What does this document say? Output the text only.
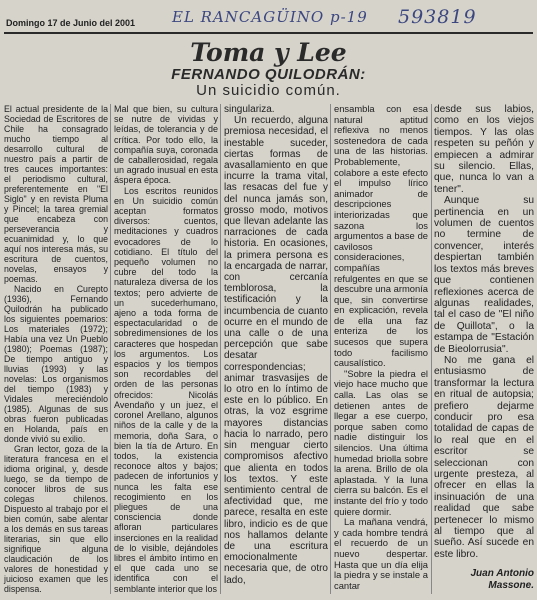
Domingo 17 de Junio del 2001 EL RANCAGÜINO p-19 593819
Toma y Lee
FERNANDO QUILODRÁN:
Un suicidio común.

El actual presidente de la Sociedad de Escritores de Chile ha consagrado mucho tiempo al desarrollo cultural de nuestro país a partir de tres cauces importantes: el periodismo cultural, preferentemente en "El Siglo" y en revista Pluma y Pincel; la tarea gremial que encabeza con perseverancia y ecuanimidad y, lo que aquí nos interesa más, su escritura de cuentos, novelas, ensayos y poemas.

Nacido en Curepto (1936), Fernando Quilodrán ha publicado los siguientes poemarios: Los materiales (1972); Había una vez Un Pueblo (1980); Poemas (1987); De tiempo antiguo y lluvias (1993) y las novelas: Los organismos del tiempo (1983) y Vidales mereciéndolo (1985). Algunas de sus obras fueron publicadas en Holanda, país en donde vivió su exilio.

Gran lector, goza de la literatura francesa en el idioma original, y, desde luego, se da tiempo de conocer libros de sus colegas chilenos. Dispuesto al trabajo por el bien común, sabe alentar a los demás en sus tareas literarias, sin que ello signifique alguna claudicación de los valores de honestidad y juicioso examen que les dispensa.

Mal que bien, su cultura se nutre de vividas y leídas, de tolerancia y de crítica. Por todo ello, la compañía suya, coronada de caballerosidad, regala un agrado inusual en esta áspera época.

Los escritos reunidos en Un suicidio común aceptan formatos diversos: cuentos, meditaciones y cuadros evocadores de lo cotidiano. El título del pequeño volumen no cubre del todo la naturaleza diversa de los textos; pero advierte de un sucederhumano, ajeno a toda forma de espectacularidad o de sobredimensiones de los caracteres que hospedan los argumentos. Los espacios y los tiempos son recordables del orden de las personas ofrecidos: Nicolás Avendaño y un juez, el coronel Arellano, algunos niños de la calle y de la memoria, doña Sara, o bien la tía de Arturo. En todos, la existencia reconoce altos y bajos; padecen de infortunios y nunca les falta ese recogimiento en los pliegues de una consciencia donde afloran particulares inserciones en la realidad de lo visible, dejándoles libres el ámbito íntimo en el que cada uno se identifica con el semblante interior que los

singulariza.

Un recuerdo, alguna premiosa necesidad, el inestable suceder, ciertas formas de avasallamiento en que incurre la trama vital, las resacas del fue y del nunca jamás son, grosso modo, motivos que llevan adelante las narraciones de cada historia. En ocasiones, la primera persona es la encargada de narrar, con cercanía temblorosa, la testificación y la incumbencia de cuanto ocurre en el mundo de una calle o de una percepción que sabe desatar correspondencias; animar trasvasijes de lo otro en lo íntimo de este en lo público. En otras, la voz esgrime mayores distancias hacia lo narrado, pero sin menguar cierto compromisos afectivo que alienta en todos los textos. Y este sentimiento central de afectividad que, me parece, resalta en este libro, indicio es de que nos hallamos delante de una escritura emocionalmente necesaria que, de otro lado,

ensambla con esa natural aptitud reflexiva no menos sostenedora de cada una de las historias. Probablemente, colabore a este efecto el impulso lírico animador de descripciones interiorizadas que sazona los argumentos a base de cavilosos consideraciones, compañías refulgentes en que se descubre una armonía que, sin convertirse en explicación, revela de ella una faz enteriza de los sucesos que supera todo facilismo causalístico.

"Sobre la piedra el viejo hace mucho que calla. Las olas se detienen antes de llegar a ese cuerpo, porque saben como nadie distinguir los silencios. Una última humedad briolla sobre la arena. Brillo de ola aplastada. Y la luna cierra su balcón. Es el instante del frío y todo quiere dormir.

La mañana vendrá, y cada hombre tendrá el recuerdo de un nuevo despertar. Hasta que un día elija la piedra y se instale a cantar

desde sus labios, como en los viejos tiempos. Y las olas respeten su peñón y empiecen a admirar su silencio. Ellas, que, nunca lo van a tener".

Aunque su pertinencia en un volumen de cuentos no termine de convencer, interés despiertan también los textos más breves que contienen reflexiones acerca de algunas realidades, tal el caso de "El niño de Quillota", o la estampa de "Estación de Bieolorrusia".

No me gana el entusiasmo de transformar la lectura en ritual de autopsia; prefiero dejarme conducir pro esa totalidad de capas de lo real que en el escritor se seleccionan con urgente presteza, al ofrecer en ellas la insinuación de una realidad que sabe pertenecer lo mismo al tiempo que al sueño. Así sucede en este libro.

Juan Antonio Massone.
